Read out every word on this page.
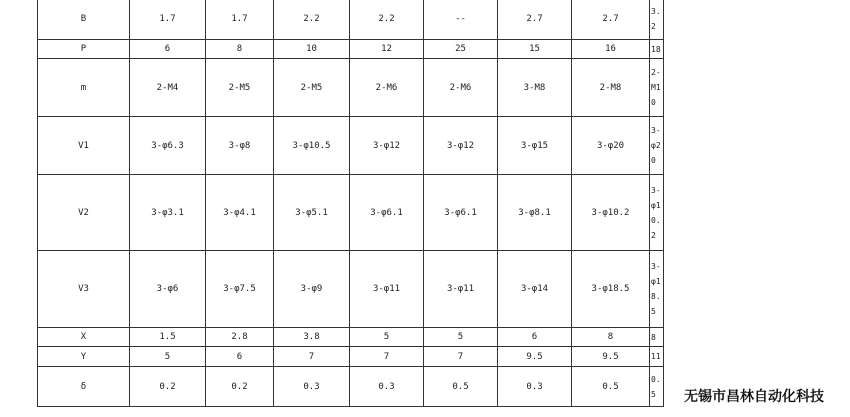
B	1.7	1.7	2.2	2.2	--	2.7	2.7	3.2
P	6	8	10	12	25	15	16	18
m	2-M4	2-M5	2-M5	2-M6	2-M6	3-M8	2-M8	2-M10
V1	3-φ6.3	3-φ8	3-φ10.5	3-φ12	3-φ12	3-φ15	3-φ20	3-φ20
V2	3-φ3.1	3-φ4.1	3-φ5.1	3-φ6.1	3-φ6.1	3-φ8.1	3-φ10.2	3-φ10.2
V3	3-φ6	3-φ7.5	3-φ9	3-φ11	3-φ11	3-φ14	3-φ18.5	3-φ18.5
X	1.5	2.8	3.8	5	5	6	8	8
Y	5	6	7	7	7	9.5	9.5	11
δ	0.2	0.2	0.3	0.3	0.5	0.3	0.5	0.5 无锡市昌林自动化科技
